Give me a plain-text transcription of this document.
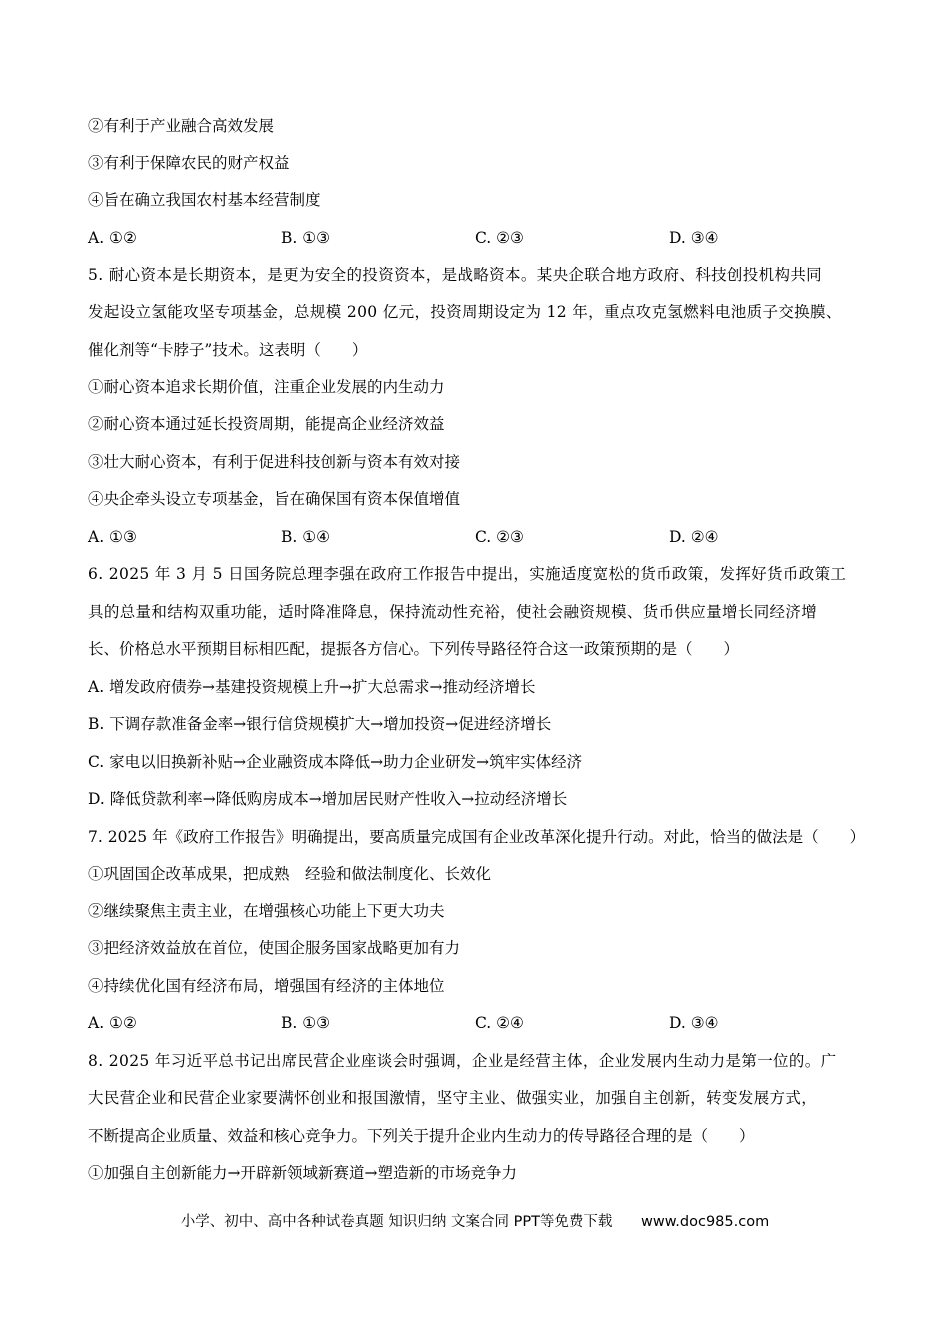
②有利于产业融合高效发展
③有利于保障农民的财产权益
④旨在确立我国农村基本经营制度
A. ①②	B. ①③	C. ②③	D. ③④
5. 耐心资本是长期资本，是更为安全的投资资本，是战略资本。某央企联合地方政府、科技创投机构共同
发起设立氢能攻坚专项基金，总规模 200 亿元，投资周期设定为 12 年，重点攻克氢燃料电池质子交换膜、
催化剂等“卡脖子”技术。这表明（　　）
①耐心资本追求长期价值，注重企业发展的内生动力
②耐心资本通过延长投资周期，能提高企业经济效益
③壮大耐心资本，有利于促进科技创新与资本有效对接
④央企牵头设立专项基金，旨在确保国有资本保值增值
A. ①③	B. ①④	C. ②③	D. ②④
6. 2025 年 3 月 5 日国务院总理李强在政府工作报告中提出，实施适度宽松的货币政策，发挥好货币政策工
具的总量和结构双重功能，适时降准降息，保持流动性充裕，使社会融资规模、货币供应量增长同经济增
长、价格总水平预期目标相匹配，提振各方信心。下列传导路径符合这一政策预期的是（　　）
A. 增发政府债券→基建投资规模上升→扩大总需求→推动经济增长
B. 下调存款准备金率→银行信贷规模扩大→增加投资→促进经济增长
C. 家电以旧换新补贴→企业融资成本降低→助力企业研发→筑牢实体经济
D. 降低贷款利率→降低购房成本→增加居民财产性收入→拉动经济增长
7. 2025 年《政府工作报告》明确提出，要高质量完成国有企业改革深化提升行动。对此，恰当的做法是（　　）
①巩固国企改革成果，把成熟　经验和做法制度化、长效化
②继续聚焦主责主业，在增强核心功能上下更大功夫
③把经济效益放在首位，使国企服务国家战略更加有力
④持续优化国有经济布局，增强国有经济的主体地位
A. ①②	B. ①③	C. ②④	D. ③④
8. 2025 年习近平总书记出席民营企业座谈会时强调，企业是经营主体，企业发展内生动力是第一位的。广
大民营企业和民营企业家要满怀创业和报国激情，坚守主业、做强实业，加强自主创新，转变发展方式，
不断提高企业质量、效益和核心竞争力。下列关于提升企业内生动力的传导路径合理的是（　　）
①加强自主创新能力→开辟新领域新赛道→塑造新的市场竞争力
小学、初中、高中各种试卷真题 知识归纳 文案合同 PPT等免费下载 www.doc985.com
